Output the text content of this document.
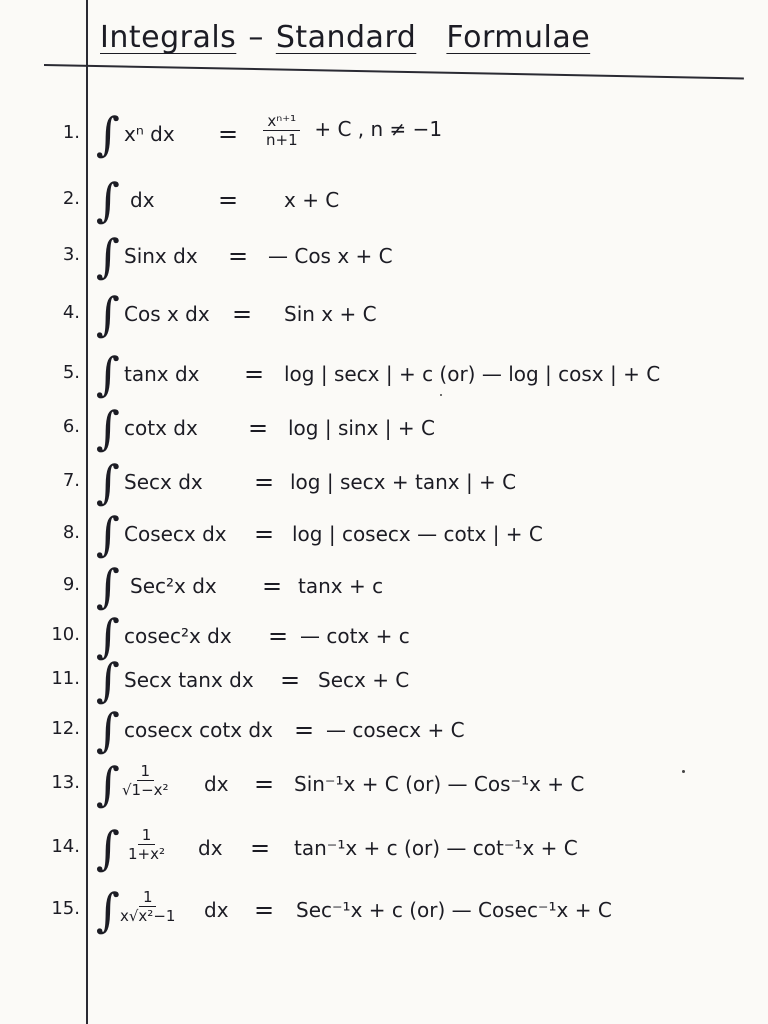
Integrals – Standard Formulae
1. ∫ xⁿ dx = $\frac{\text{xⁿ⁺¹}}{n+1} + C$ , n ≠ −1
2. ∫ dx	= x + C
3. ∫ Sinx dx = — Cos x + C
4. ∫ Cos x dx = Sin x + C
5. ∫ tanx dx = log | secx | + c (or) — log | cosx | + C
6. ∫ cotx dx = log | sinx | + C
7. ∫ Secx dx = log | secx + tanx | + C
8. ∫ Cosecx dx = log | cosecx — cotx | + C
9. ∫ Sec²x dx = tanx + c
10. ∫ cosec²x dx = — cotx + c
11. ∫ Secx tanx dx = Secx + C
12. ∫ cosecx cotx dx = — cosecx + C
13. ∫
$\frac{1}{\text{√1−x²}}$ dx = Sin⁻¹x + C (or) — Cos⁻¹x + C
14. ∫ $\frac{1}{\text{1+x²}}$ dx = tan⁻¹x + c (or) — cot⁻¹x + C
15. ∫
$\frac{1}{\text{x√x²−1}}$ dx = Sec⁻¹x + c (or) — Cosec⁻¹x + C
